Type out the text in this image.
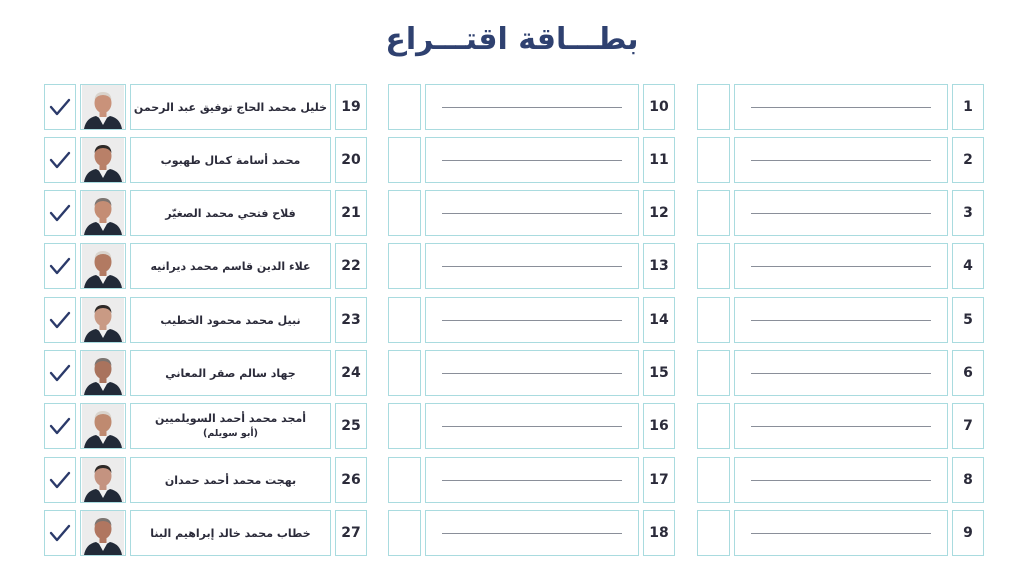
بطـــاقة اقتـــراع
1
10
19
خليل محمد الحاج توفيق عبد الرحمن
2
11
20
محمد أسامة كمال طهبوب
3
12
21
فلاح فتحي محمد الصغيّر
4
13
22
علاء الدين قاسم محمد ديرانيه
5
14
23
نبيل محمد محمود الخطيب
6
15
24
جهاد سالم صقر المعاني
7
16
25
أمجد محمد أحمد السويلميين
(أبو سويلم)
8
17
26
بهجت محمد أحمد حمدان
9
18
27
خطاب محمد خالد إبراهيم البنا
